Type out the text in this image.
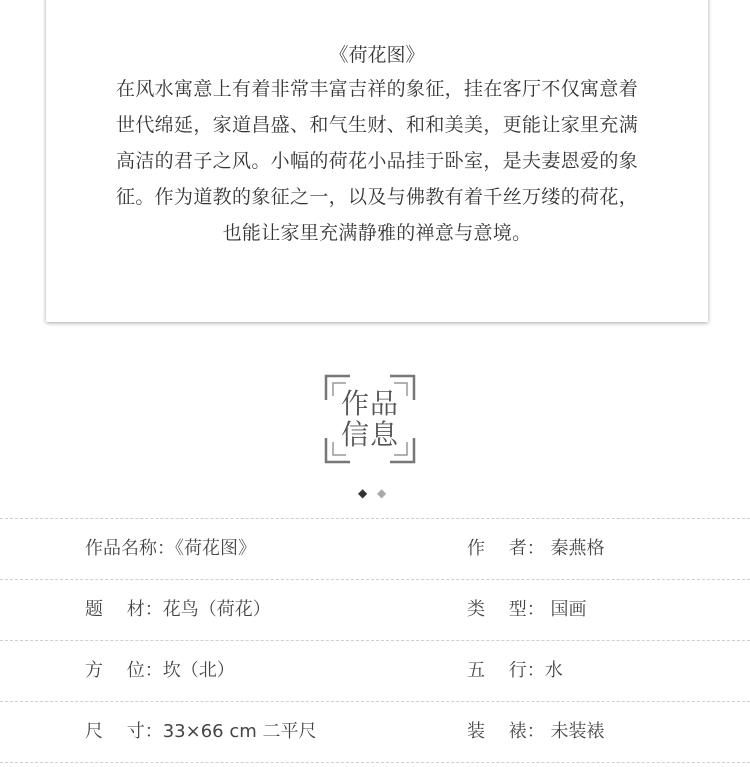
《荷花图》
在风水寓意上有着非常丰富吉祥的象征，挂在客厅不仅寓意着世代绵延，家道昌盛、和气生财、和和美美，更能让家里充满高洁的君子之风。小幅的荷花小品挂于卧室，是夫妻恩爱的象征。作为道教的象征之一，以及与佛教有着千丝万缕的荷花，也能让家里充满静雅的禅意与意境。
作品
信息
◆ ◆
作品名称：《荷花图》	作　 者： 秦燕格
题　 材：花鸟（荷花）	类　 型： 国画
方　 位：坎（北）	五　 行：水
尺　 寸：33×66 cm 二平尺	装　 裱： 未装裱
